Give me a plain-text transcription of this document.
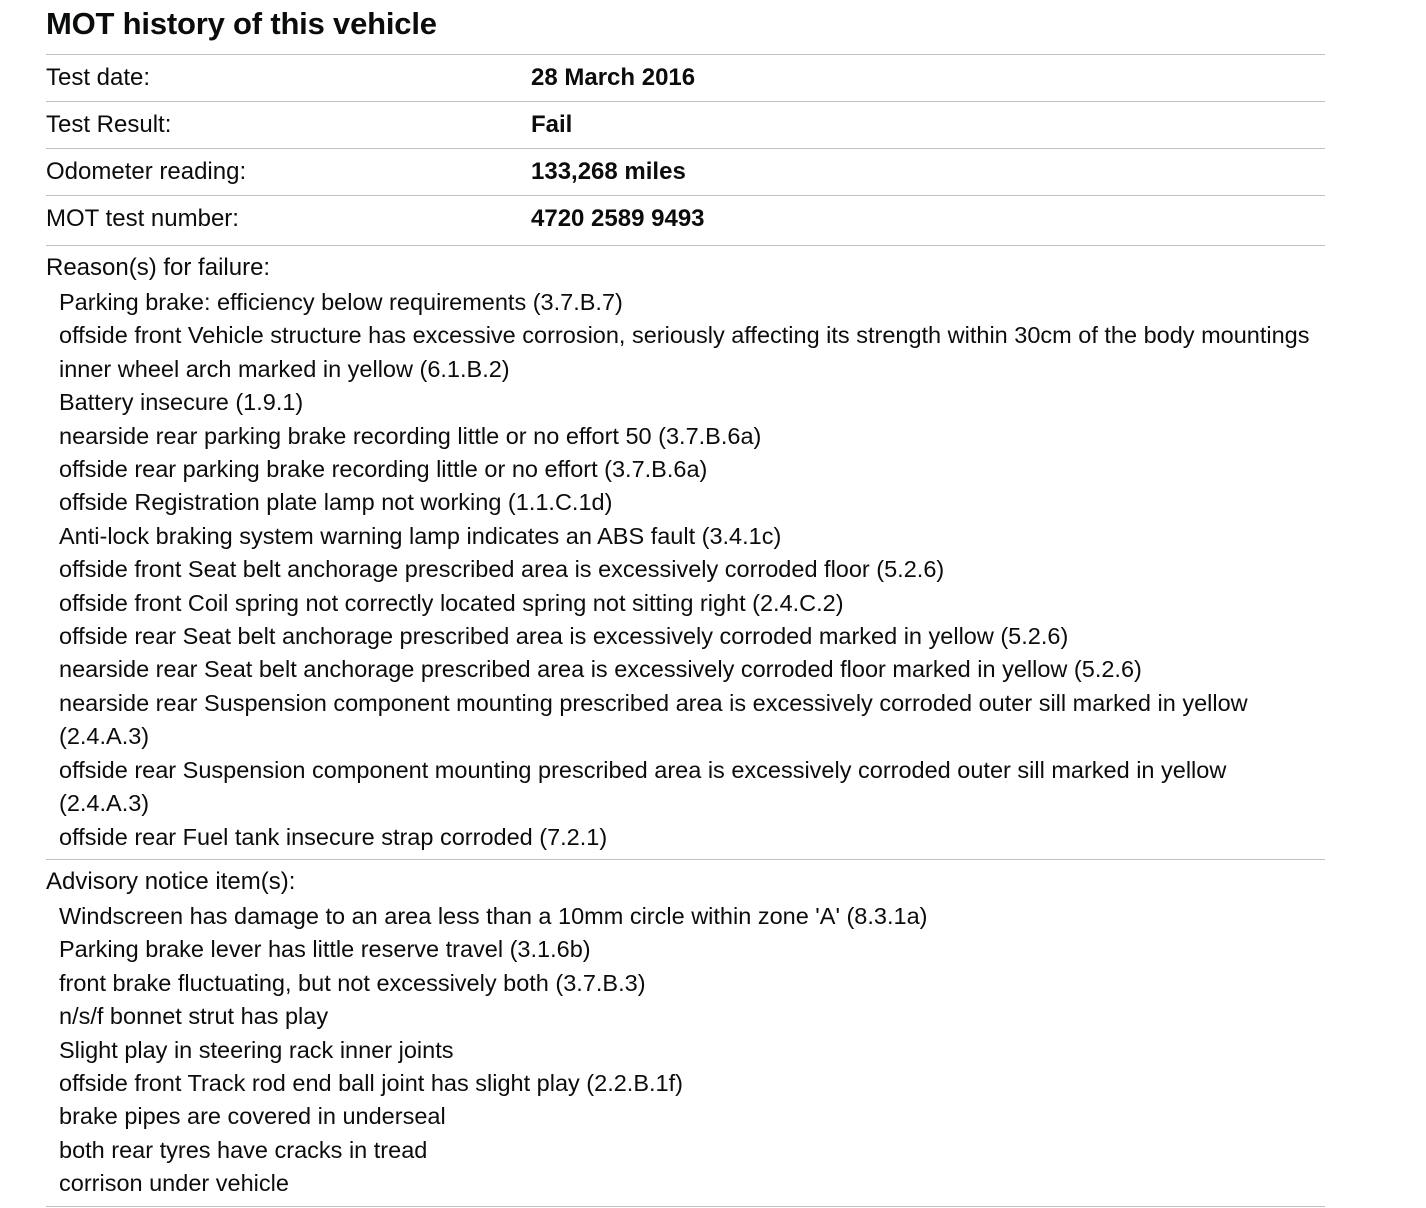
MOT history of this vehicle
Test date:	28 March 2016
Test Result:	Fail
Odometer reading:	133,268 miles
MOT test number:	4720 2589 9493
Reason(s) for failure:
Parking brake: efficiency below requirements (3.7.B.7)
offside front Vehicle structure has excessive corrosion, seriously affecting its strength within 30cm of the body mountings inner wheel arch marked in yellow (6.1.B.2)
Battery insecure (1.9.1)
nearside rear parking brake recording little or no effort 50 (3.7.B.6a)
offside rear parking brake recording little or no effort (3.7.B.6a)
offside Registration plate lamp not working (1.1.C.1d)
Anti-lock braking system warning lamp indicates an ABS fault (3.4.1c)
offside front Seat belt anchorage prescribed area is excessively corroded floor (5.2.6)
offside front Coil spring not correctly located spring not sitting right (2.4.C.2)
offside rear Seat belt anchorage prescribed area is excessively corroded marked in yellow (5.2.6)
nearside rear Seat belt anchorage prescribed area is excessively corroded floor marked in yellow (5.2.6)
nearside rear Suspension component mounting prescribed area is excessively corroded outer sill marked in yellow (2.4.A.3)
offside rear Suspension component mounting prescribed area is excessively corroded outer sill marked in yellow (2.4.A.3)
offside rear Fuel tank insecure strap corroded (7.2.1)
Advisory notice item(s):
Windscreen has damage to an area less than a 10mm circle within zone 'A' (8.3.1a)
Parking brake lever has little reserve travel (3.1.6b)
front brake fluctuating, but not excessively both (3.7.B.3)
n/s/f bonnet strut has play
Slight play in steering rack inner joints
offside front Track rod end ball joint has slight play (2.2.B.1f)
brake pipes are covered in underseal
both rear tyres have cracks in tread
corrison under vehicle
